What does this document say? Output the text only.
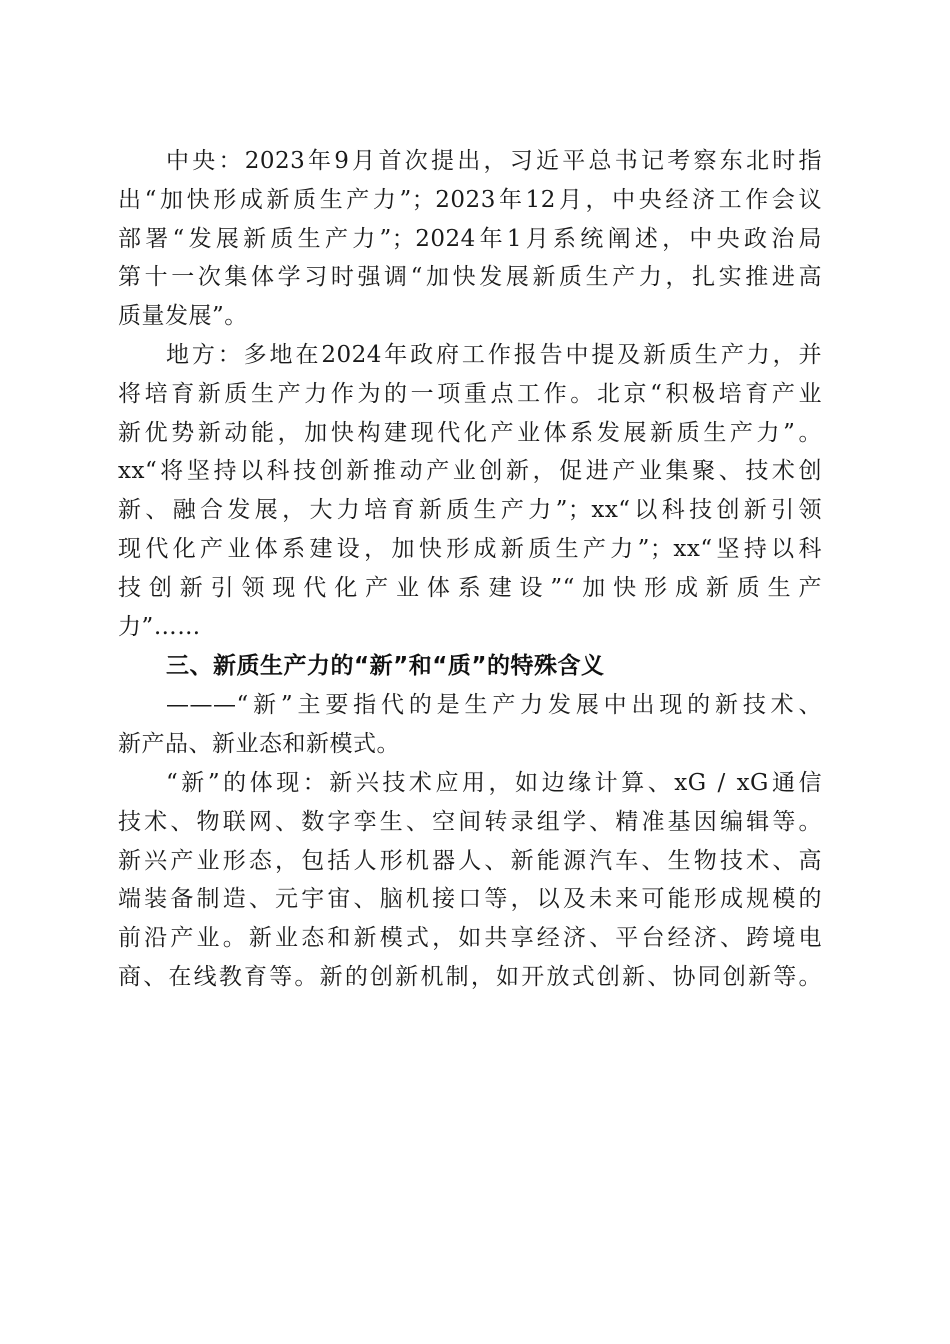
中央：2023年9月首次提出，习近平总书记考察东北时指
出“加快形成新质生产力”；2023年12月，中央经济工作会议
部署“发展新质生产力”；2024年1月系统阐述，中央政治局
第十一次集体学习时强调“加快发展新质生产力，扎实推进高
质量发展”。
地方：多地在2024年政府工作报告中提及新质生产力，并
将培育新质生产力作为的一项重点工作。北京“积极培育产业
新优势新动能，加快构建现代化产业体系发展新质生产力”。
xx“将坚持以科技创新推动产业创新，促进产业集聚、技术创
新、融合发展，大力培育新质生产力”；xx“以科技创新引领
现代化产业体系建设，加快形成新质生产力”；xx“坚持以科
技创新引领现代化产业体系建设”“加快形成新质生产
力”……
三、新质生产力的“新”和“质”的特殊含义
———“新”主要指代的是生产力发展中出现的新技术、
新产品、新业态和新模式。
“新”的体现：新兴技术应用，如边缘计算、xG / xG通信
技术、物联网、数字孪生、空间转录组学、精准基因编辑等。
新兴产业形态，包括人形机器人、新能源汽车、生物技术、高
端装备制造、元宇宙、脑机接口等，以及未来可能形成规模的
前沿产业。新业态和新模式，如共享经济、平台经济、跨境电
商、在线教育等。新的创新机制，如开放式创新、协同创新等。
